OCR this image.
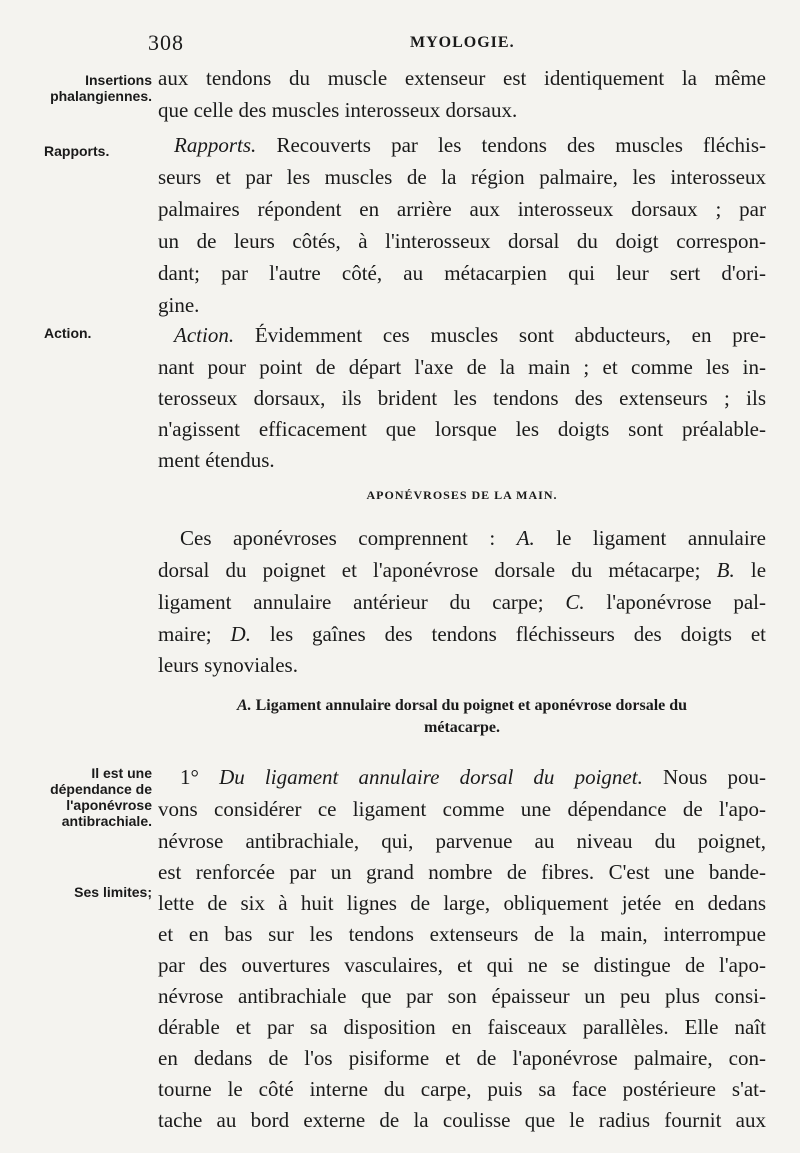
308	MYOLOGIE.
Insertions phalangiennes.
Rapports.
Action.
Il est une dépendance de l'aponévrose antibrachiale.
Ses limites;
aux tendons du muscle extenseur est identiquement la même
que celle des muscles interosseux dorsaux.
Rapports. Recouverts par les tendons des muscles fléchis-
seurs et par les muscles de la région palmaire, les interosseux
palmaires répondent en arrière aux interosseux dorsaux ; par
un de leurs côtés, à l'interosseux dorsal du doigt correspon-
dant; par l'autre côté, au métacarpien qui leur sert d'ori-
gine.
Action. Évidemment ces muscles sont abducteurs, en pre-
nant pour point de départ l'axe de la main ; et comme les in-
terosseux dorsaux, ils brident les tendons des extenseurs ; ils
n'agissent efficacement que lorsque les doigts sont préalable-
ment étendus.
APONÉVROSES DE LA MAIN.
Ces aponévroses comprennent : A. le ligament annulaire
dorsal du poignet et l'aponévrose dorsale du métacarpe; B. le
ligament annulaire antérieur du carpe; C. l'aponévrose pal-
maire; D. les gaînes des tendons fléchisseurs des doigts et
leurs synoviales.
A. Ligament annulaire dorsal du poignet et aponévrose dorsale du
métacarpe.
1° Du ligament annulaire dorsal du poignet. Nous pou-
vons considérer ce ligament comme une dépendance de l'apo-
névrose antibrachiale, qui, parvenue au niveau du poignet,
est renforcée par un grand nombre de fibres. C'est une bande-
lette de six à huit lignes de large, obliquement jetée en dedans
et en bas sur les tendons extenseurs de la main, interrompue
par des ouvertures vasculaires, et qui ne se distingue de l'apo-
névrose antibrachiale que par son épaisseur un peu plus consi-
dérable et par sa disposition en faisceaux parallèles. Elle naît
en dedans de l'os pisiforme et de l'aponévrose palmaire, con-
tourne le côté interne du carpe, puis sa face postérieure s'at-
tache au bord externe de la coulisse que le radius fournit aux
